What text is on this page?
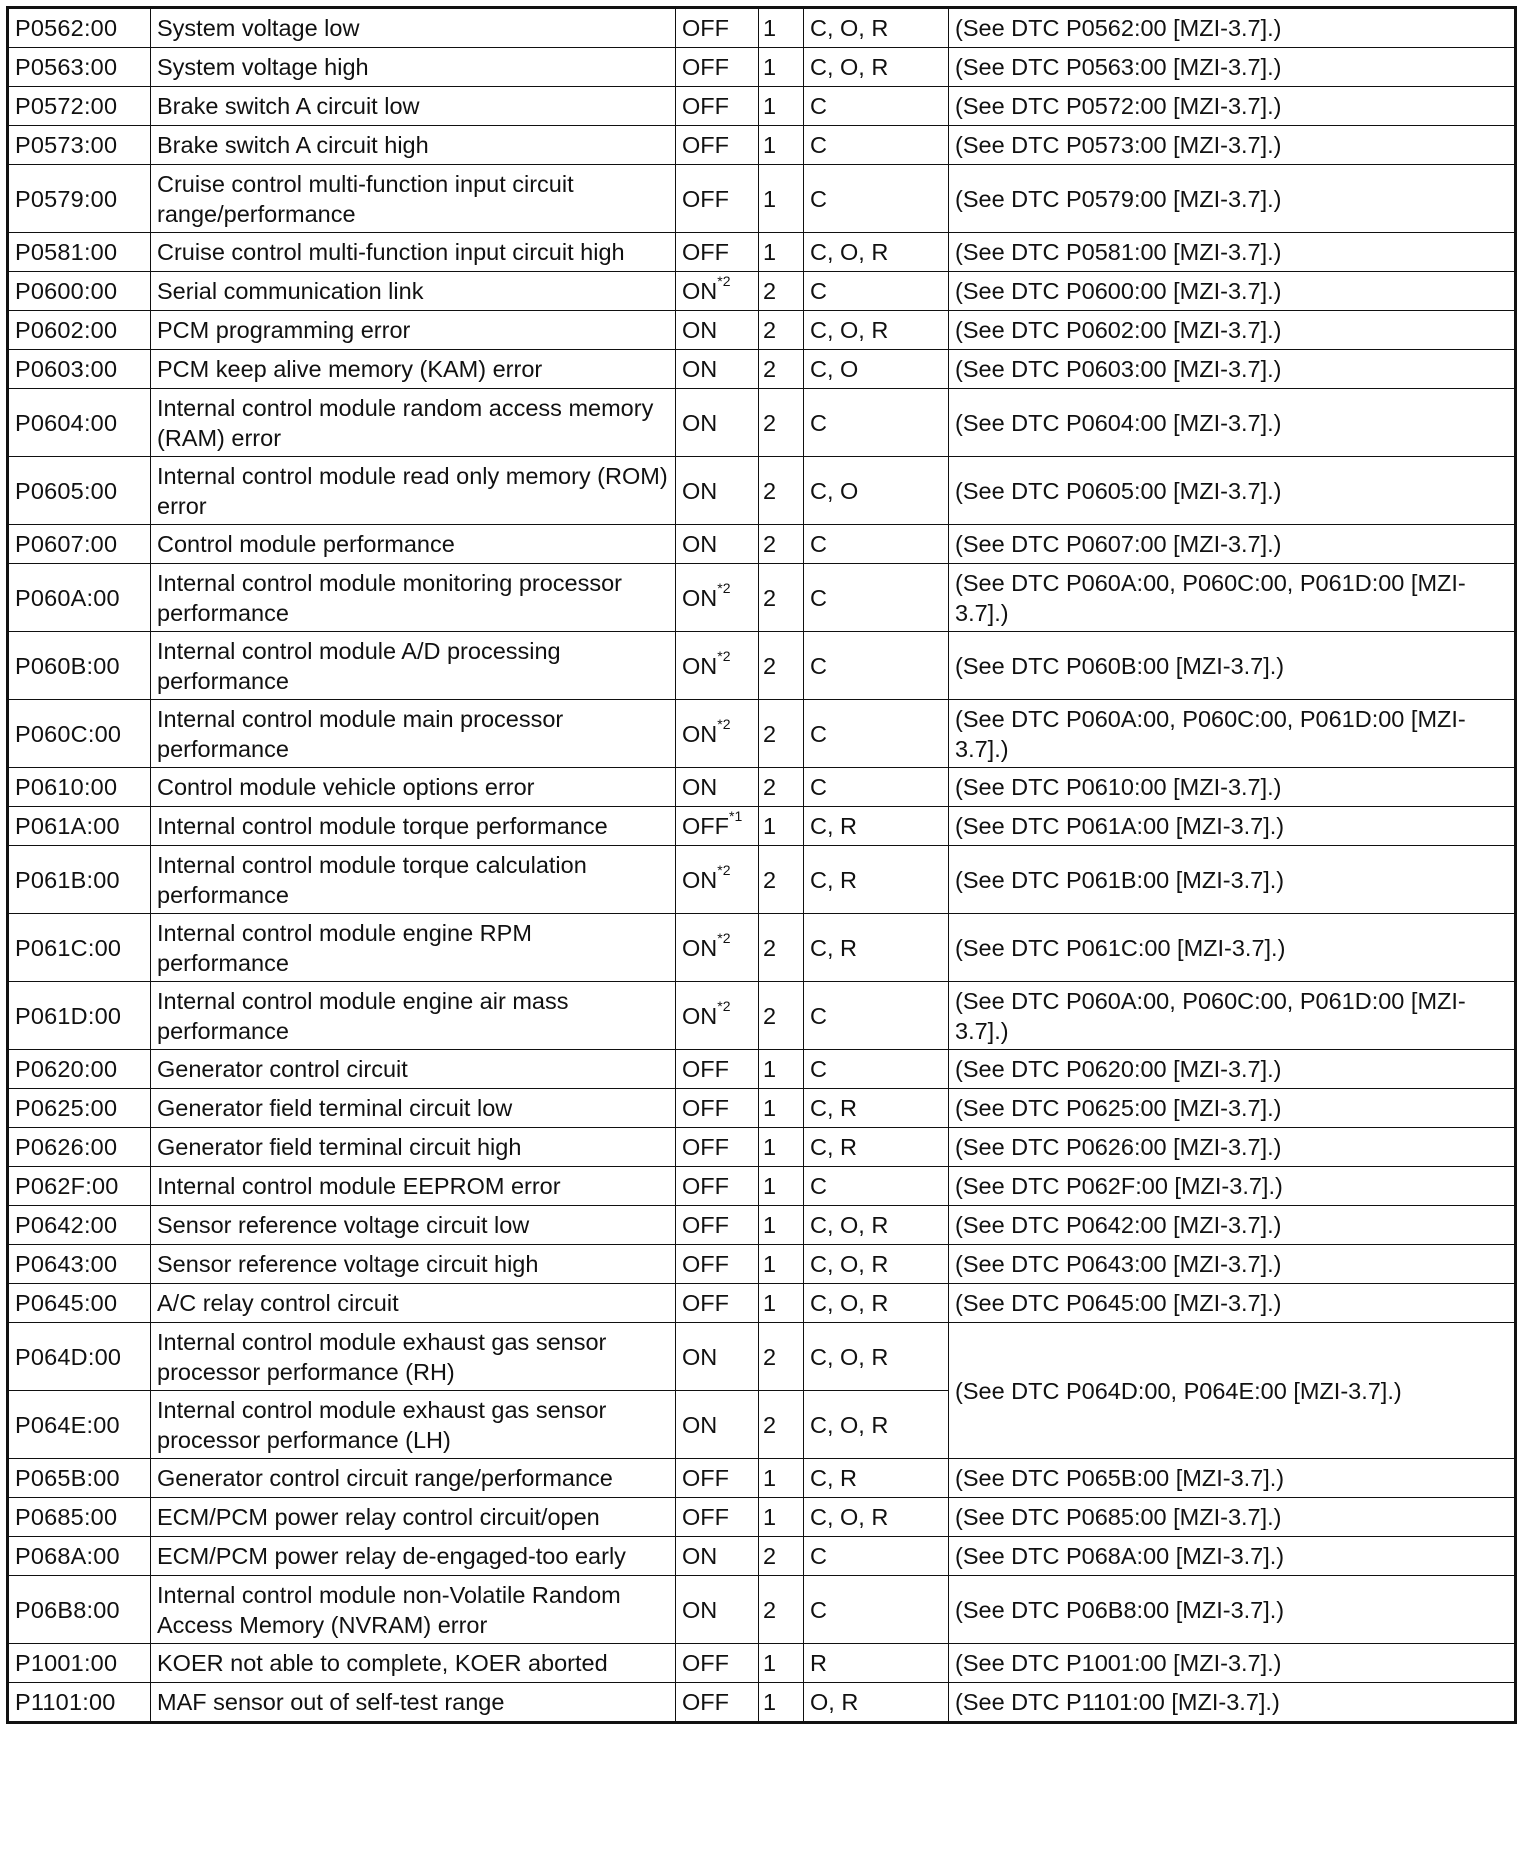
P0562:00	System voltage low	OFF	1	C, O, R	(See DTC P0562:00 [MZI-3.7].)
P0563:00	System voltage high	OFF	1	C, O, R	(See DTC P0563:00 [MZI-3.7].)
P0572:00	Brake switch A circuit low	OFF	1	C	(See DTC P0572:00 [MZI-3.7].)
P0573:00	Brake switch A circuit high	OFF	1	C	(See DTC P0573:00 [MZI-3.7].)
P0579:00	Cruise control multi-function input circuit range/performance	OFF	1	C	(See DTC P0579:00 [MZI-3.7].)
P0581:00	Cruise control multi-function input circuit high	OFF	1	C, O, R	(See DTC P0581:00 [MZI-3.7].)
P0600:00	Serial communication link	ON$^{*2}$	2	C	(See DTC P0600:00 [MZI-3.7].)
P0602:00	PCM programming error	ON	2	C, O, R	(See DTC P0602:00 [MZI-3.7].)
P0603:00	PCM keep alive memory (KAM) error	ON	2	C, O	(See DTC P0603:00 [MZI-3.7].)
P0604:00	Internal control module random access memory (RAM) error	ON	2	C	(See DTC P0604:00 [MZI-3.7].)
P0605:00	Internal control module read only memory (ROM) error	ON	2	C, O	(See DTC P0605:00 [MZI-3.7].)
P0607:00	Control module performance	ON	2	C	(See DTC P0607:00 [MZI-3.7].)
P060A:00	Internal control module monitoring processor performance	ON$^{*2}$	2	C	(See DTC P060A:00, P060C:00, P061D:00 [MZI-3.7].)
P060B:00	Internal control module A/D processing performance	ON$^{*2}$	2	C	(See DTC P060B:00 [MZI-3.7].)
P060C:00	Internal control module main processor performance	ON$^{*2}$	2	C	(See DTC P060A:00, P060C:00, P061D:00 [MZI-3.7].)
P0610:00	Control module vehicle options error	ON	2	C	(See DTC P0610:00 [MZI-3.7].)
P061A:00	Internal control module torque performance	OFF$^{*1}$	1	C, R	(See DTC P061A:00 [MZI-3.7].)
P061B:00	Internal control module torque calculation performance	ON$^{*2}$	2	C, R	(See DTC P061B:00 [MZI-3.7].)
P061C:00	Internal control module engine RPM performance	ON$^{*2}$	2	C, R	(See DTC P061C:00 [MZI-3.7].)
P061D:00	Internal control module engine air mass performance	ON$^{*2}$	2	C	(See DTC P060A:00, P060C:00, P061D:00 [MZI-3.7].)
P0620:00	Generator control circuit	OFF	1	C	(See DTC P0620:00 [MZI-3.7].)
P0625:00	Generator field terminal circuit low	OFF	1	C, R	(See DTC P0625:00 [MZI-3.7].)
P0626:00	Generator field terminal circuit high	OFF	1	C, R	(See DTC P0626:00 [MZI-3.7].)
P062F:00	Internal control module EEPROM error	OFF	1	C	(See DTC P062F:00 [MZI-3.7].)
P0642:00	Sensor reference voltage circuit low	OFF	1	C, O, R	(See DTC P0642:00 [MZI-3.7].)
P0643:00	Sensor reference voltage circuit high	OFF	1	C, O, R	(See DTC P0643:00 [MZI-3.7].)
P0645:00	A/C relay control circuit	OFF	1	C, O, R	(See DTC P0645:00 [MZI-3.7].)
P064D:00	Internal control module exhaust gas sensor processor performance (RH)	ON	2	C, O, R	(See DTC P064D:00, P064E:00 [MZI-3.7].)
P064E:00	Internal control module exhaust gas sensor processor performance (LH)	ON	2	C, O, R	
P065B:00	Generator control circuit range/performance	OFF	1	C, R	(See DTC P065B:00 [MZI-3.7].)
P0685:00	ECM/PCM power relay control circuit/open	OFF	1	C, O, R	(See DTC P0685:00 [MZI-3.7].)
P068A:00	ECM/PCM power relay de-engaged-too early	ON	2	C	(See DTC P068A:00 [MZI-3.7].)
P06B8:00	Internal control module non-Volatile Random Access Memory (NVRAM) error	ON	2	C	(See DTC P06B8:00 [MZI-3.7].)
P1001:00	KOER not able to complete, KOER aborted	OFF	1	R	(See DTC P1001:00 [MZI-3.7].)
P1101:00	MAF sensor out of self-test range	OFF	1	O, R	(See DTC P1101:00 [MZI-3.7].)
